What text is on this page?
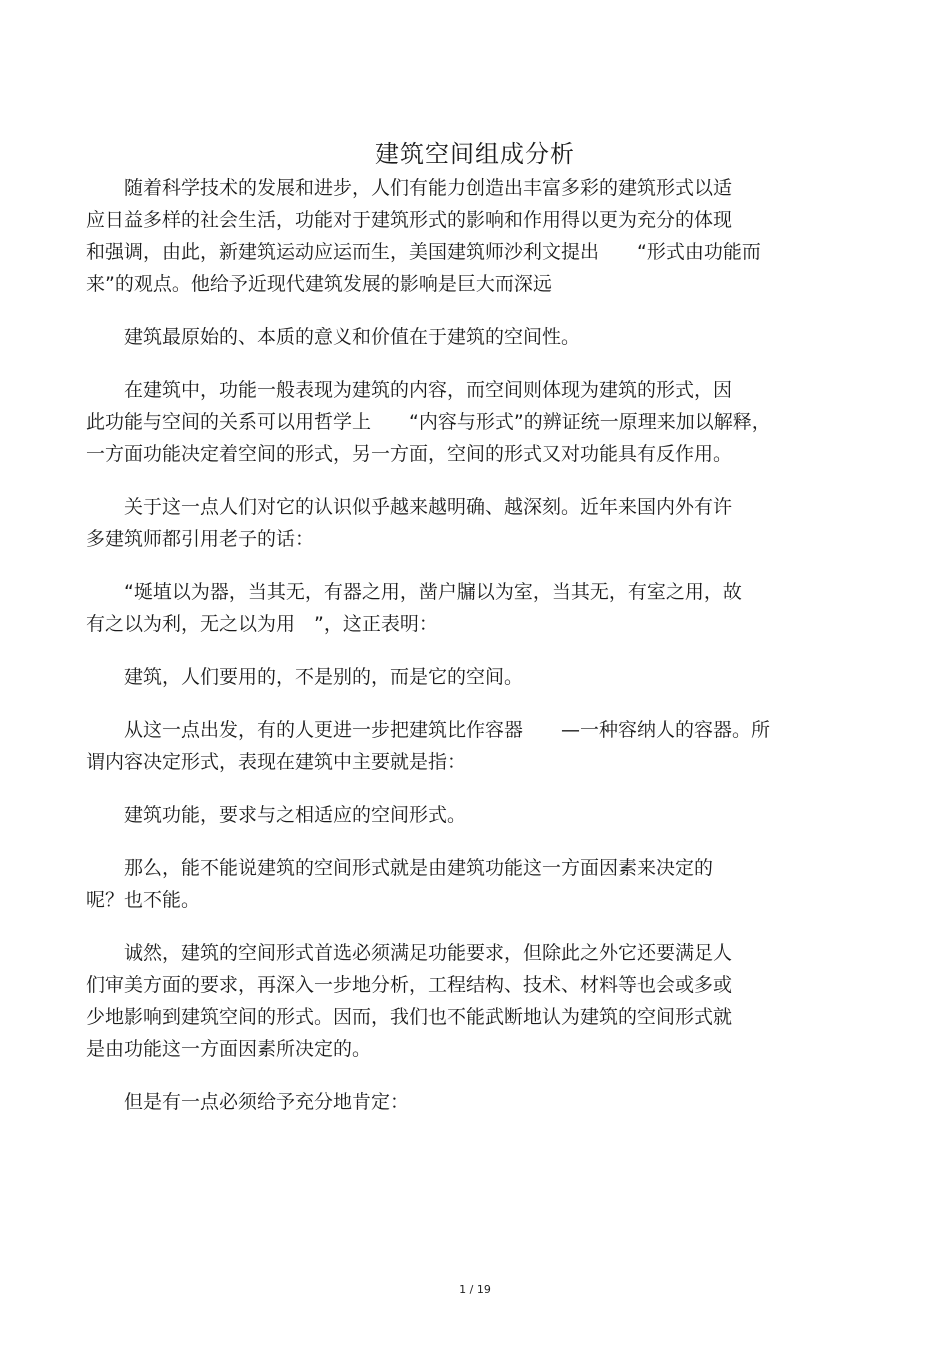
建筑空间组成分析

　　随着科学技术的发展和进步，人们有能力创造出丰富多彩的建筑形式以适
应日益多样的社会生活，功能对于建筑形式的影响和作用得以更为充分的体现
和强调，由此，新建筑运动应运而生，美国建筑师沙利文提出　　“形式由功能而
来”的观点。他给予近现代建筑发展的影响是巨大而深远

　　建筑最原始的、本质的意义和价值在于建筑的空间性。

　　在建筑中，功能一般表现为建筑的内容，而空间则体现为建筑的形式，因
此功能与空间的关系可以用哲学上　　“内容与形式”的辨证统一原理来加以解释，
一方面功能决定着空间的形式，另一方面，空间的形式又对功能具有反作用。

　　关于这一点人们对它的认识似乎越来越明确、越深刻。近年来国内外有许
多建筑师都引用老子的话：

　　“埏埴以为器，当其无，有器之用，凿户牖以为室，当其无，有室之用，故
有之以为利，无之以为用　”，这正表明：

　　建筑，人们要用的，不是别的，而是它的空间。

　　从这一点出发，有的人更进一步把建筑比作容器　　—一种容纳人的容器。所
谓内容决定形式，表现在建筑中主要就是指：

　　建筑功能，要求与之相适应的空间形式。

　　那么，能不能说建筑的空间形式就是由建筑功能这一方面因素来决定的
呢？也不能。

　　诚然，建筑的空间形式首选必须满足功能要求，但除此之外它还要满足人
们审美方面的要求，再深入一步地分析，工程结构、技术、材料等也会或多或
少地影响到建筑空间的形式。因而，我们也不能武断地认为建筑的空间形式就
是由功能这一方面因素所决定的。

　　但是有一点必须给予充分地肯定：

1 / 19
